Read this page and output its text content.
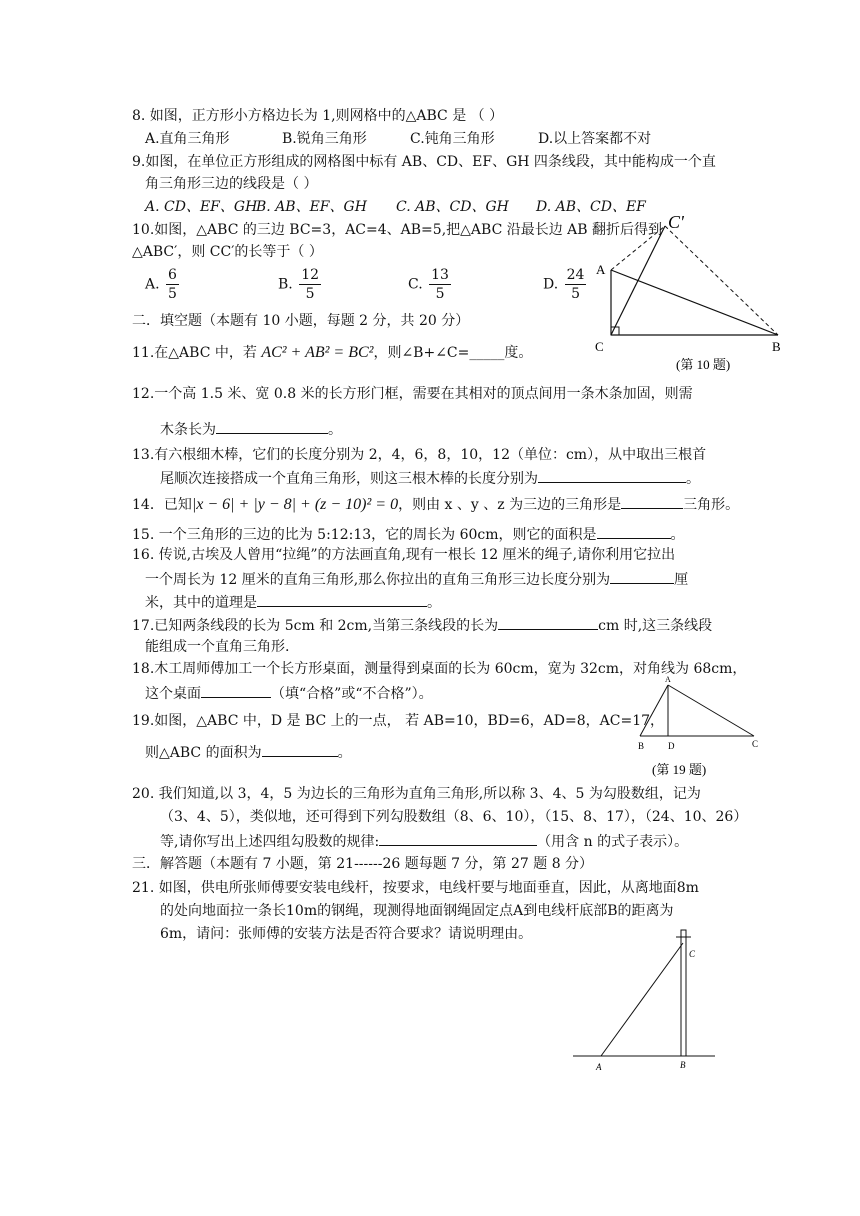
8. 如图，正方形小方格边长为 1,则网格中的△ABC 是 （ ）
A.直角三角形	B.锐角三角形	C.钝角三角形	D.以上答案都不对
9.如图，在单位正方形组成的网格图中标有 AB、CD、EF、GH 四条线段，其中能构成一个直
角三角形三边的线段是（ ）
A. CD、EF、GH
B. AB、EF、GH C. AB、CD、GH D. AB、CD、EF
10.如图，△ABC 的三边 BC=3，AC=4、AB=5,把△ABC 沿最长边 AB 翻折后得到
△ABC′，则 CC′的长等于（ ）
A. $\frac{6}{5}$	B. $\frac{12}{5}$	C. $\frac{13}{5}$	D. $\frac{24}{5}$
C'
A
C	B
(第 10 题)
二．填空题（本题有 10 小题，每题 2 分，共 20 分）
11.在△ABC 中，若 AC² + AB² = BC²，则∠B+∠C=_____度。
12.一个高 1.5 米、宽 0.8 米的长方形门框，需要在其相对的顶点间用一条木条加固，则需
木条长为	。
13.有六根细木棒，它们的长度分别为 2，4，6，8，10，12（单位：cm），从中取出三根首
尾顺次连接搭成一个直角三角形，则这三根木棒的长度分别为	。
14．已知|x − 6| + |y − 8| + (z − 10)² = 0，则由 x 、y 、z 为三边的三角形是	三角形。
15. 一个三角形的三边的比为 5:12:13，它的周长为 60cm，则它的面积是	。
16. 传说,古埃及人曾用“拉绳”的方法画直角,现有一根长 12 厘米的绳子,请你利用它拉出
一个周长为 12 厘米的直角三角形,那么你拉出的直角三角形三边长度分别为	厘
米，其中的道理是	。
17.已知两条线段的长为 5cm 和 2cm,当第三条线段的长为	cm 时,这三条线段
能组成一个直角三角形.
18.木工周师傅加工一个长方形桌面，测量得到桌面的长为 60cm，宽为 32cm，对角线为 68cm，
这个桌面	（填“合格”或“不合格”）。
19.如图，△ABC 中，D 是 BC 上的一点， 若 AB=10，BD=6，AD=8，AC=17，
则△ABC 的面积为	。
A
B	D	C
(第 19 题)
20. 我们知道,以 3，4，5 为边长的三角形为直角三角形,所以称 3、4、5 为勾股数组，记为
（3、4、5），类似地，还可得到下列勾股数组（8、6、10），（15、8、17），（24、10、26）
等,请你写出上述四组勾股数的规律:	（用含 n 的式子表示）。
三．解答题（本题有 7 小题，第 21------26 题每题 7 分，第 27 题 8 分）
21. 如图，供电所张师傅要安装电线杆，按要求，电线杆要与地面垂直，因此，从离地面8m
的处向地面拉一条长10m的钢绳，现测得地面钢绳固定点A到电线杆底部B的距离为
6m，请问：张师傅的安装方法是否符合要求？请说明理由。
C
A	B
